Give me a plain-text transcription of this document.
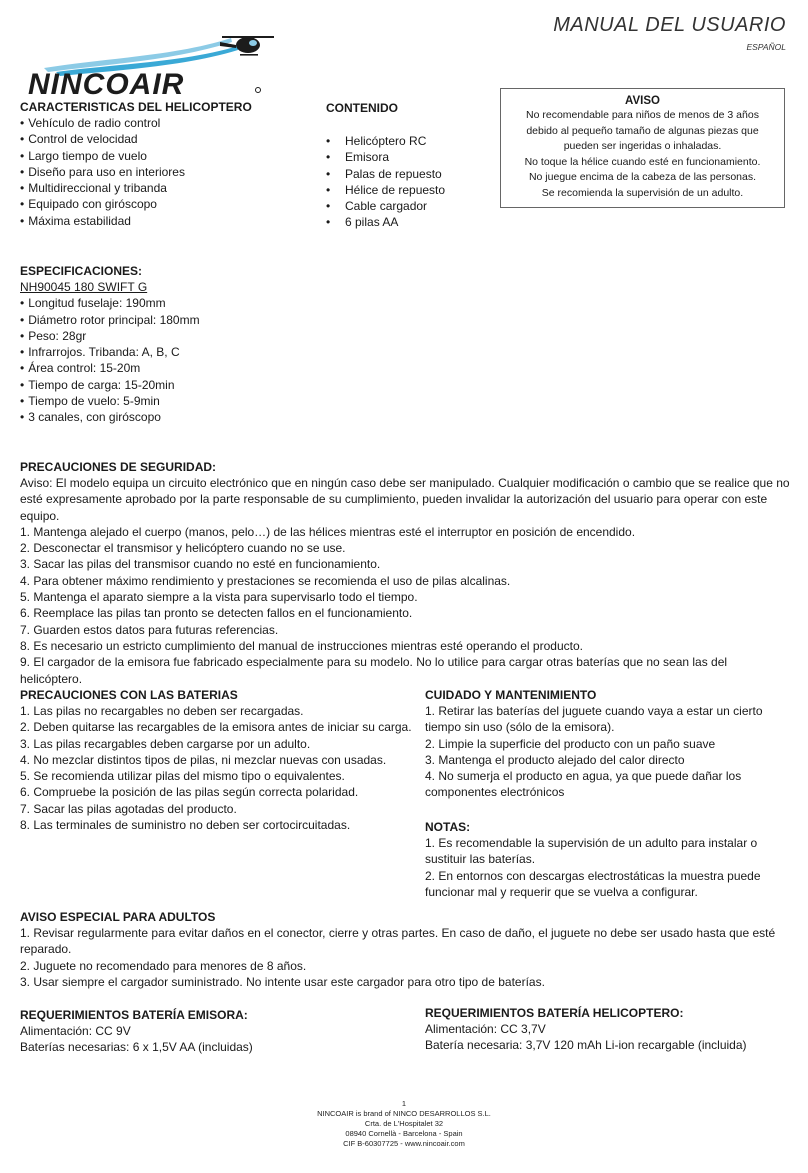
NINCOAIR
MANUAL DEL USUARIO
ESPAÑOL
CARACTERISTICAS DEL HELICOPTERO
• Vehículo de radio control
• Control de velocidad
• Largo tiempo de vuelo
• Diseño para uso en interiores
• Multidireccional y tribanda
• Equipado con giróscopo
• Máxima estabilidad
CONTENIDO
• Helicóptero RC
• Emisora
• Palas de repuesto
• Hélice de repuesto
• Cable cargador
• 6 pilas AA
AVISO
No recomendable para niños de menos de 3 años
debido al pequeño tamaño de algunas piezas que
pueden ser ingeridas o inhaladas.
No toque la hélice cuando esté en funcionamiento.
No juegue encima de la cabeza de las personas.
Se recomienda la supervisión de un adulto.
ESPECIFICACIONES:
NH90045 180 SWIFT G
• Longitud fuselaje: 190mm
• Diámetro rotor principal: 180mm
• Peso: 28gr
• Infrarrojos. Tribanda: A, B, C
• Área control: 15-20m
• Tiempo de carga: 15-20min
• Tiempo de vuelo: 5-9min
• 3 canales, con giróscopo
PRECAUCIONES DE SEGURIDAD:
Aviso: El modelo equipa un circuito electrónico que en ningún caso debe ser manipulado. Cualquier modificación o cambio que se realice que no esté expresamente aprobado por la parte responsable de su cumplimiento, pueden invalidar la autorización del usuario para operar con este equipo.
1. Mantenga alejado el cuerpo (manos, pelo…) de las hélices mientras esté el interruptor en posición de encendido.
2. Desconectar el transmisor y helicóptero cuando no se use.
3. Sacar las pilas del transmisor cuando no esté en funcionamiento.
4. Para obtener máximo rendimiento y prestaciones se recomienda el uso de pilas alcalinas.
5. Mantenga el aparato siempre a la vista para supervisarlo todo el tiempo.
6. Reemplace las pilas tan pronto se detecten fallos en el funcionamiento.
7. Guarden estos datos para futuras referencias.
8. Es necesario un estricto cumplimiento del manual de instrucciones mientras esté operando el producto.
9. El cargador de la emisora fue fabricado especialmente para su modelo. No lo utilice para cargar otras baterías que no sean las del helicóptero.
PRECAUCIONES CON LAS BATERIAS
1. Las pilas no recargables no deben ser recargadas.
2. Deben quitarse las recargables de la emisora antes de iniciar su carga.
3. Las pilas recargables deben cargarse por un adulto.
4. No mezclar distintos tipos de pilas, ni mezclar nuevas con usadas.
5. Se recomienda utilizar pilas del mismo tipo o equivalentes.
6. Compruebe la posición de las pilas según correcta polaridad.
7. Sacar las pilas agotadas del producto.
8. Las terminales de suministro no deben ser cortocircuitadas.
CUIDADO Y MANTENIMIENTO
1. Retirar las baterías del juguete cuando vaya a estar un cierto tiempo sin uso (sólo de la emisora).
2. Limpie la superficie del producto con un paño suave
3. Mantenga el producto alejado del calor directo
4. No sumerja el producto en agua, ya que puede dañar los componentes electrónicos
NOTAS:
1. Es recomendable la supervisión de un adulto para instalar o sustituir las baterías.
2. En entornos con descargas electrostáticas la muestra puede funcionar mal y requerir que se vuelva a configurar.
AVISO ESPECIAL PARA ADULTOS
1. Revisar regularmente para evitar daños en el conector, cierre y otras partes. En caso de daño, el juguete no debe ser usado hasta que esté reparado.
2. Juguete no recomendado para menores de 8 años.
3. Usar siempre el cargador suministrado. No intente usar este cargador para otro tipo de baterías.
REQUERIMIENTOS BATERÍA EMISORA:
Alimentación: CC 9V
Baterías necesarias: 6 x 1,5V AA (incluidas)
REQUERIMIENTOS BATERÍA HELICOPTERO:
Alimentación: CC 3,7V
Batería necesaria: 3,7V 120 mAh Li-ion recargable (incluida)
1
NINCOAIR is brand of NINCO DESARROLLOS S.L.
Crta. de L'Hospitalet 32
08940 Cornellà - Barcelona - Spain
CIF B-60307725 - www.nincoair.com
